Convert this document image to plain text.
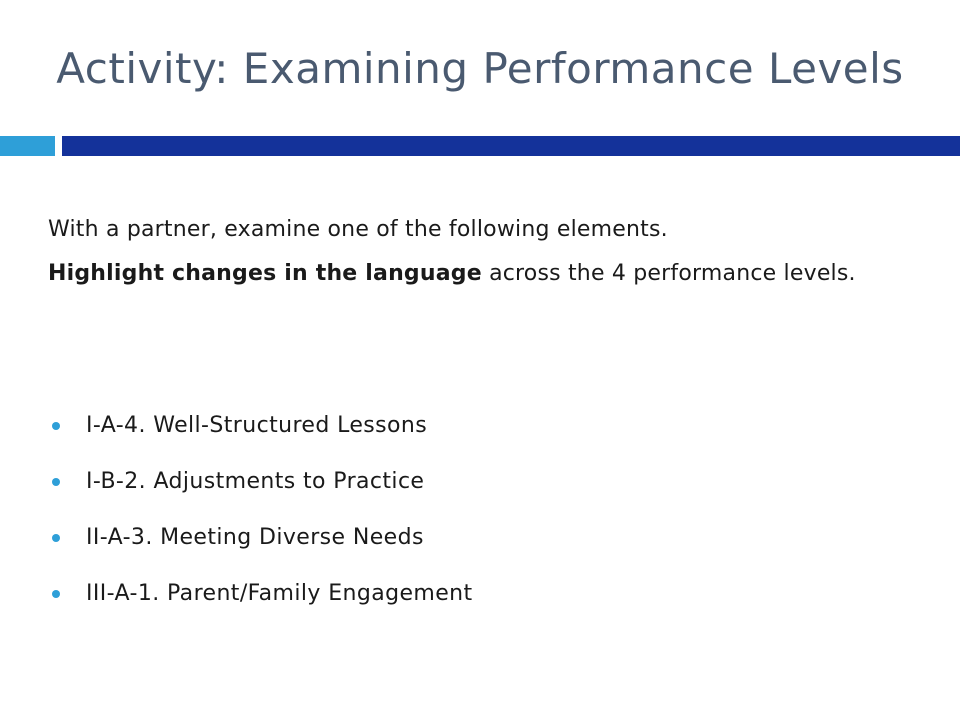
Activity: Examining Performance Levels
With a partner, examine one of the following elements.
Highlight changes in the language across the 4 performance levels.
I-A-4. Well-Structured Lessons
I-B-2. Adjustments to Practice
II-A-3. Meeting Diverse Needs
III-A-1. Parent/Family Engagement
